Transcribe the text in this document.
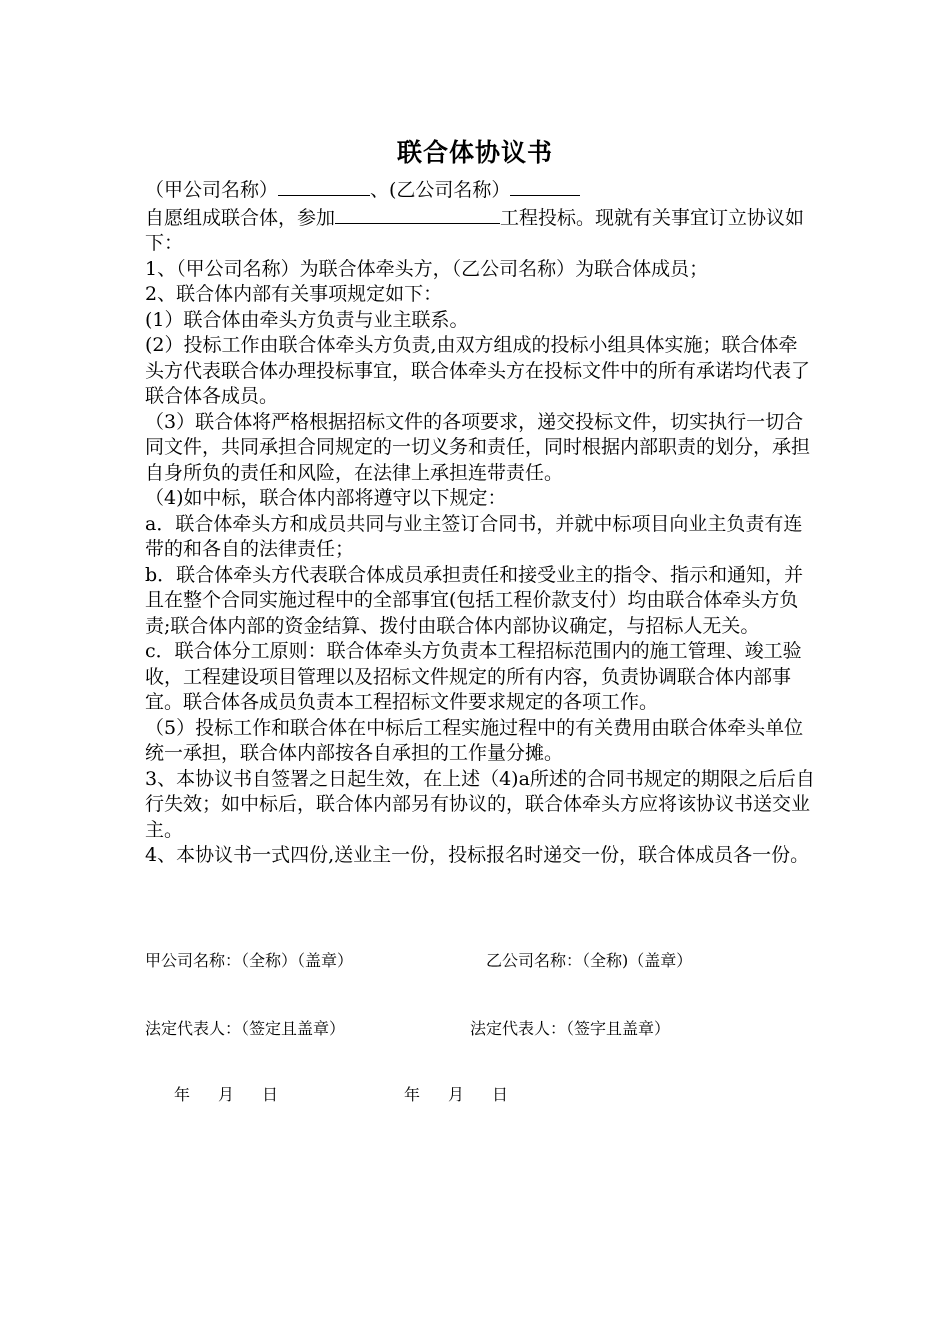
联合体协议书

（甲公司名称）	、(乙公司名称）

自愿组成联合体，参加	工程投标。现就有关事宜订立协议如下：

1、（甲公司名称）为联合体牵头方，（乙公司名称）为联合体成员；

2、联合体内部有关事项规定如下：

(1）联合体由牵头方负责与业主联系。

(2）投标工作由联合体牵头方负责,由双方组成的投标小组具体实施；联合体牵头方代表联合体办理投标事宜，联合体牵头方在投标文件中的所有承诺均代表了联合体各成员。

（3）联合体将严格根据招标文件的各项要求，递交投标文件，切实执行一切合同文件，共同承担合同规定的一切义务和责任，同时根据内部职责的划分，承担自身所负的责任和风险，在法律上承担连带责任。

（4)如中标，联合体内部将遵守以下规定：

a．联合体牵头方和成员共同与业主签订合同书，并就中标项目向业主负责有连带的和各自的法律责任；

b．联合体牵头方代表联合体成员承担责任和接受业主的指令、指示和通知，并且在整个合同实施过程中的全部事宜(包括工程价款支付）均由联合体牵头方负责;联合体内部的资金结算、拨付由联合体内部协议确定，与招标人无关。

c．联合体分工原则：联合体牵头方负责本工程招标范围内的施工管理、竣工验收，工程建设项目管理以及招标文件规定的所有内容，负责协调联合体内部事宜。联合体各成员负责本工程招标文件要求规定的各项工作。

（5）投标工作和联合体在中标后工程实施过程中的有关费用由联合体牵头单位统一承担，联合体内部按各自承担的工作量分摊。

3、本协议书自签署之日起生效，在上述（4)a所述的合同书规定的期限之后后自行失效；如中标后，联合体内部另有协议的，联合体牵头方应将该协议书送交业主。

4、本协议书一式四份,送业主一份，投标报名时递交一份，联合体成员各一份。

甲公司名称：（全称）（盖章）	乙公司名称：（全称)（盖章）
法定代表人：（签定且盖章）	法定代表人：（签字且盖章）
年 月 日	年 月 日
